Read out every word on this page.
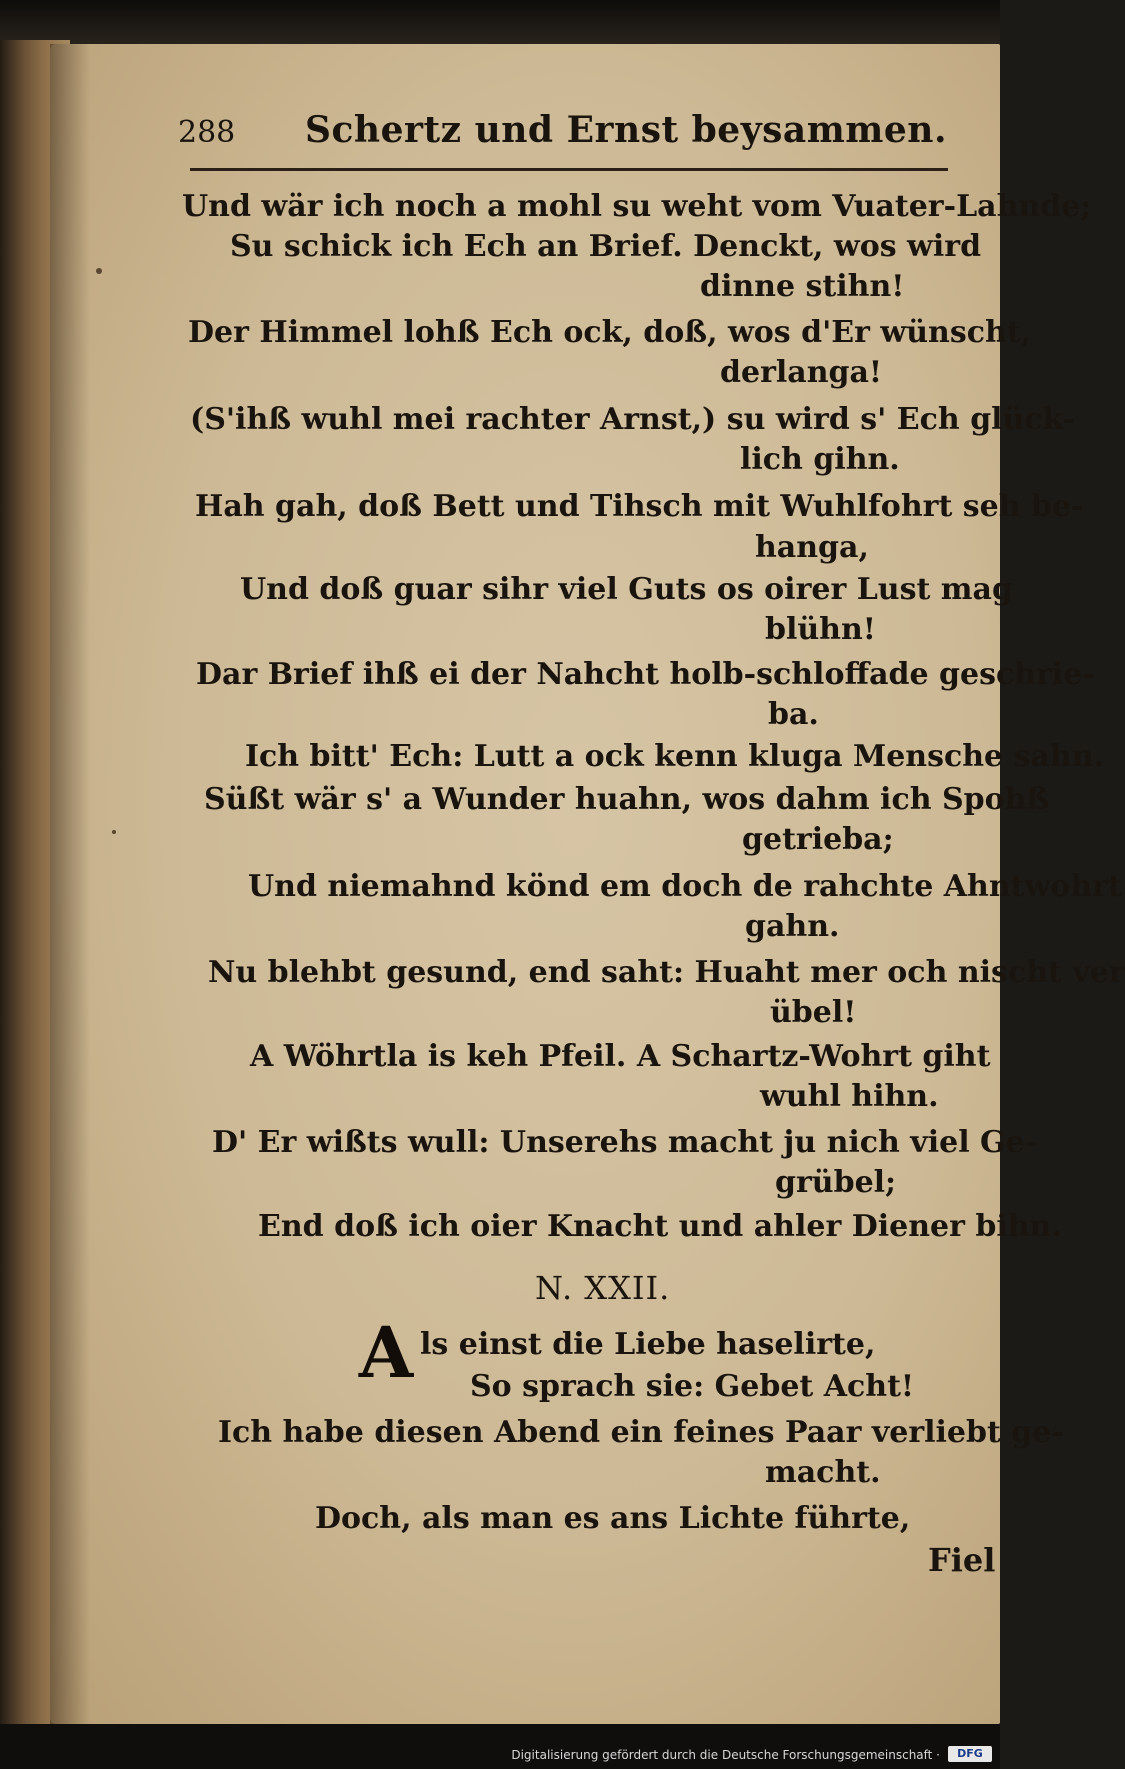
288 Schertz und Ernst beysammen.
Und wär ich noch a mohl su weht vom Vuater-Lahnde;
Su schick ich Ech an Brief. Denckt, wos wird
dinne stihn!
Der Himmel lohß Ech ock, doß, wos d'Er wünscht,
derlanga!
(S'ihß wuhl mei rachter Arnst,) su wird s' Ech glück-
lich gihn.
Hah gah, doß Bett und Tihsch mit Wuhlfohrt seh be-
hanga,
Und doß guar sihr viel Guts os oirer Lust mag
blühn!
Dar Brief ihß ei der Nahcht holb-schloffade geschrie-
ba.
Ich bitt' Ech: Lutt a ock kenn kluga Mensche sahn.
Süßt wär s' a Wunder huahn, wos dahm ich Spohß
getrieba;
Und niemahnd könd em doch de rahchte Ahntwohrt
gahn.
Nu blehbt gesund, end saht: Huaht mer och nischt ver
übel!
A Wöhrtla is keh Pfeil. A Schartz-Wohrt giht
wuhl hihn.
D' Er wißts wull: Unserehs macht ju nich viel Ge-
grübel;
End doß ich oier Knacht und ahler Diener bihn.
N. XXII.
A ls einst die Liebe haselirte,
So sprach sie: Gebet Acht!
Ich habe diesen Abend ein feines Paar verliebt ge-
macht.
Doch, als man es ans Lichte führte,
Fiel
Digitalisierung gefördert durch die Deutsche Forschungsgemeinschaft ·	DFG
